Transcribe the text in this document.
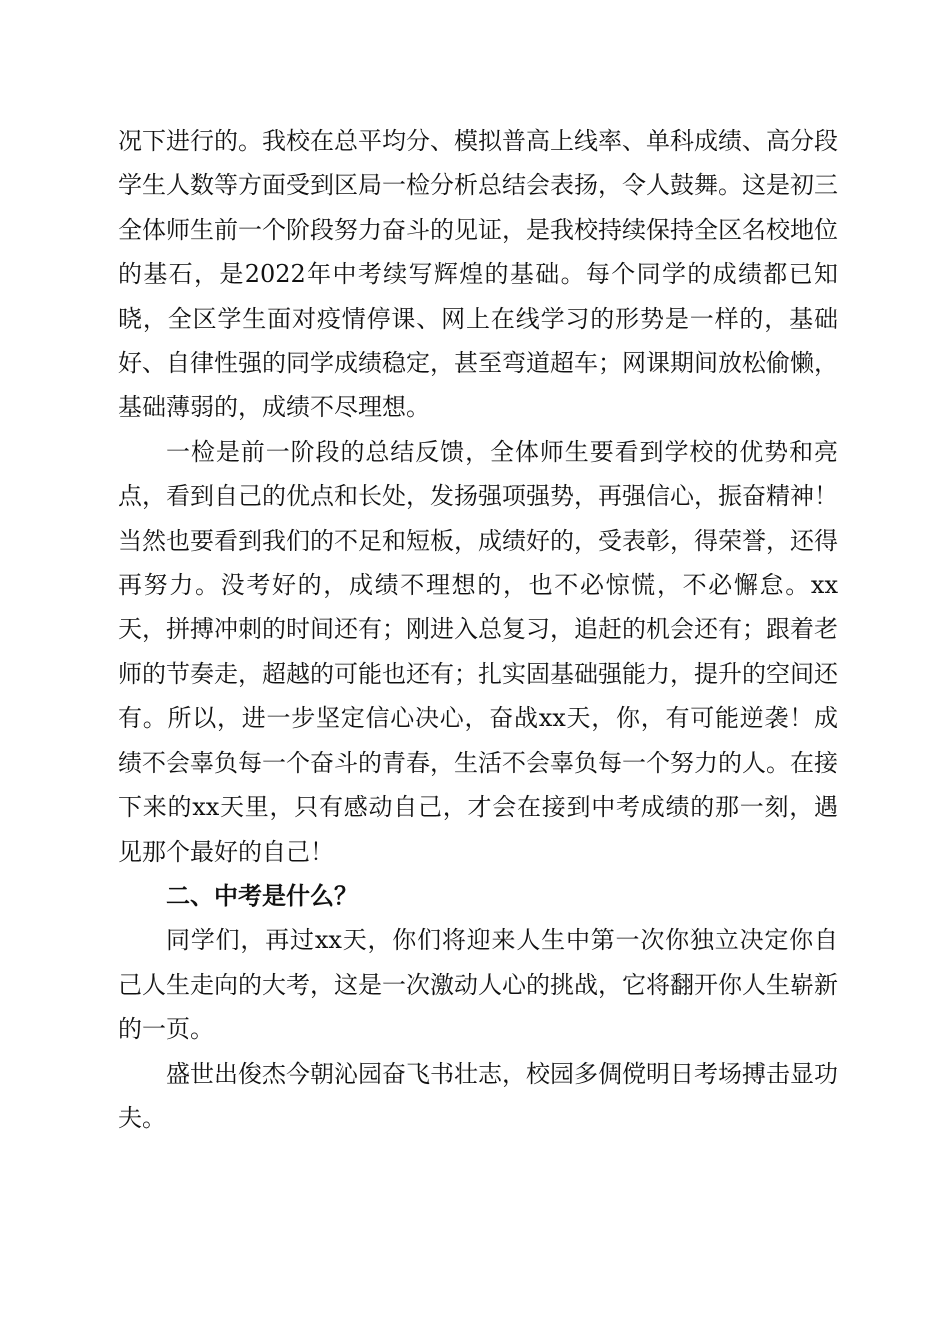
况下进行的。我校在总平均分、模拟普高上线率、单科成绩、高分段学生人数等方面受到区局一检分析总结会表扬，令人鼓舞。这是初三全体师生前一个阶段努力奋斗的见证，是我校持续保持全区名校地位的基石，是2022年中考续写辉煌的基础。每个同学的成绩都已知晓，全区学生面对疫情停课、网上在线学习的形势是一样的，基础好、自律性强的同学成绩稳定，甚至弯道超车；网课期间放松偷懒，基础薄弱的，成绩不尽理想。

一检是前一阶段的总结反馈，全体师生要看到学校的优势和亮点，看到自己的优点和长处，发扬强项强势，再强信心，振奋精神！当然也要看到我们的不足和短板，成绩好的，受表彰，得荣誉，还得再努力。没考好的，成绩不理想的，也不必惊慌，不必懈怠。xx天，拼搏冲刺的时间还有；刚进入总复习，追赶的机会还有；跟着老师的节奏走，超越的可能也还有；扎实固基础强能力，提升的空间还有。所以，进一步坚定信心决心，奋战xx天，你，有可能逆袭！成绩不会辜负每一个奋斗的青春，生活不会辜负每一个努力的人。在接下来的xx天里，只有感动自己，才会在接到中考成绩的那一刻，遇见那个最好的自己！

二、中考是什么？

同学们，再过xx天，你们将迎来人生中第一次你独立决定你自己人生走向的大考，这是一次激动人心的挑战，它将翻开你人生崭新的一页。

盛世出俊杰今朝沁园奋飞书壮志，校园多倜傥明日考场搏击显功夫。
